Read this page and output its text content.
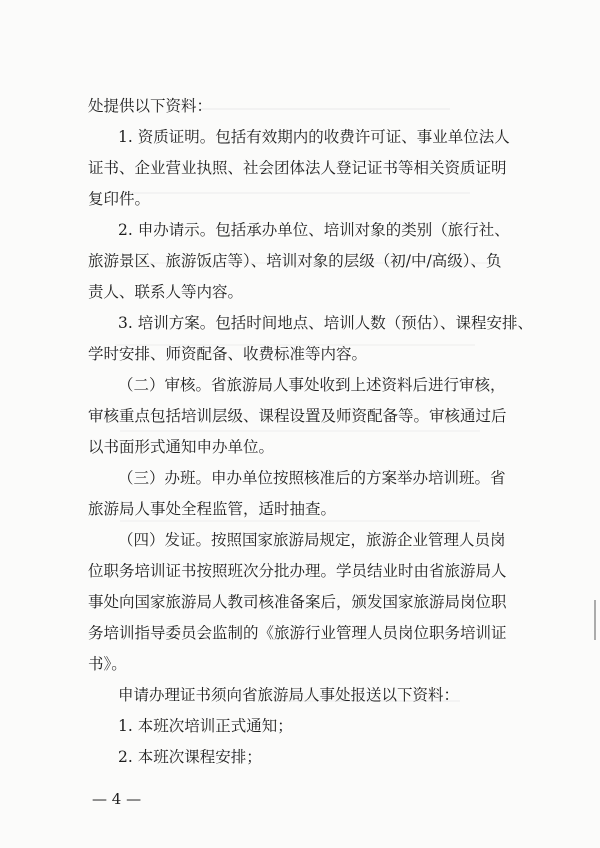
处提供以下资料：
1. 资质证明。包括有效期内的收费许可证、事业单位法人
证书、企业营业执照、社会团体法人登记证书等相关资质证明
复印件。
2. 申办请示。包括承办单位、培训对象的类别（旅行社、
旅游景区、旅游饭店等）、培训对象的层级（初/中/高级）、负
责人、联系人等内容。
3. 培训方案。包括时间地点、培训人数（预估）、课程安排、
学时安排、师资配备、收费标准等内容。
（二）审核。省旅游局人事处收到上述资料后进行审核，
审核重点包括培训层级、课程设置及师资配备等。审核通过后
以书面形式通知申办单位。
（三）办班。申办单位按照核准后的方案举办培训班。省
旅游局人事处全程监管，适时抽查。
（四）发证。按照国家旅游局规定，旅游企业管理人员岗
位职务培训证书按照班次分批办理。学员结业时由省旅游局人
事处向国家旅游局人教司核准备案后，颁发国家旅游局岗位职
务培训指导委员会监制的《旅游行业管理人员岗位职务培训证
书》。
申请办理证书须向省旅游局人事处报送以下资料：
1. 本班次培训正式通知；
2. 本班次课程安排；
— 4 —
